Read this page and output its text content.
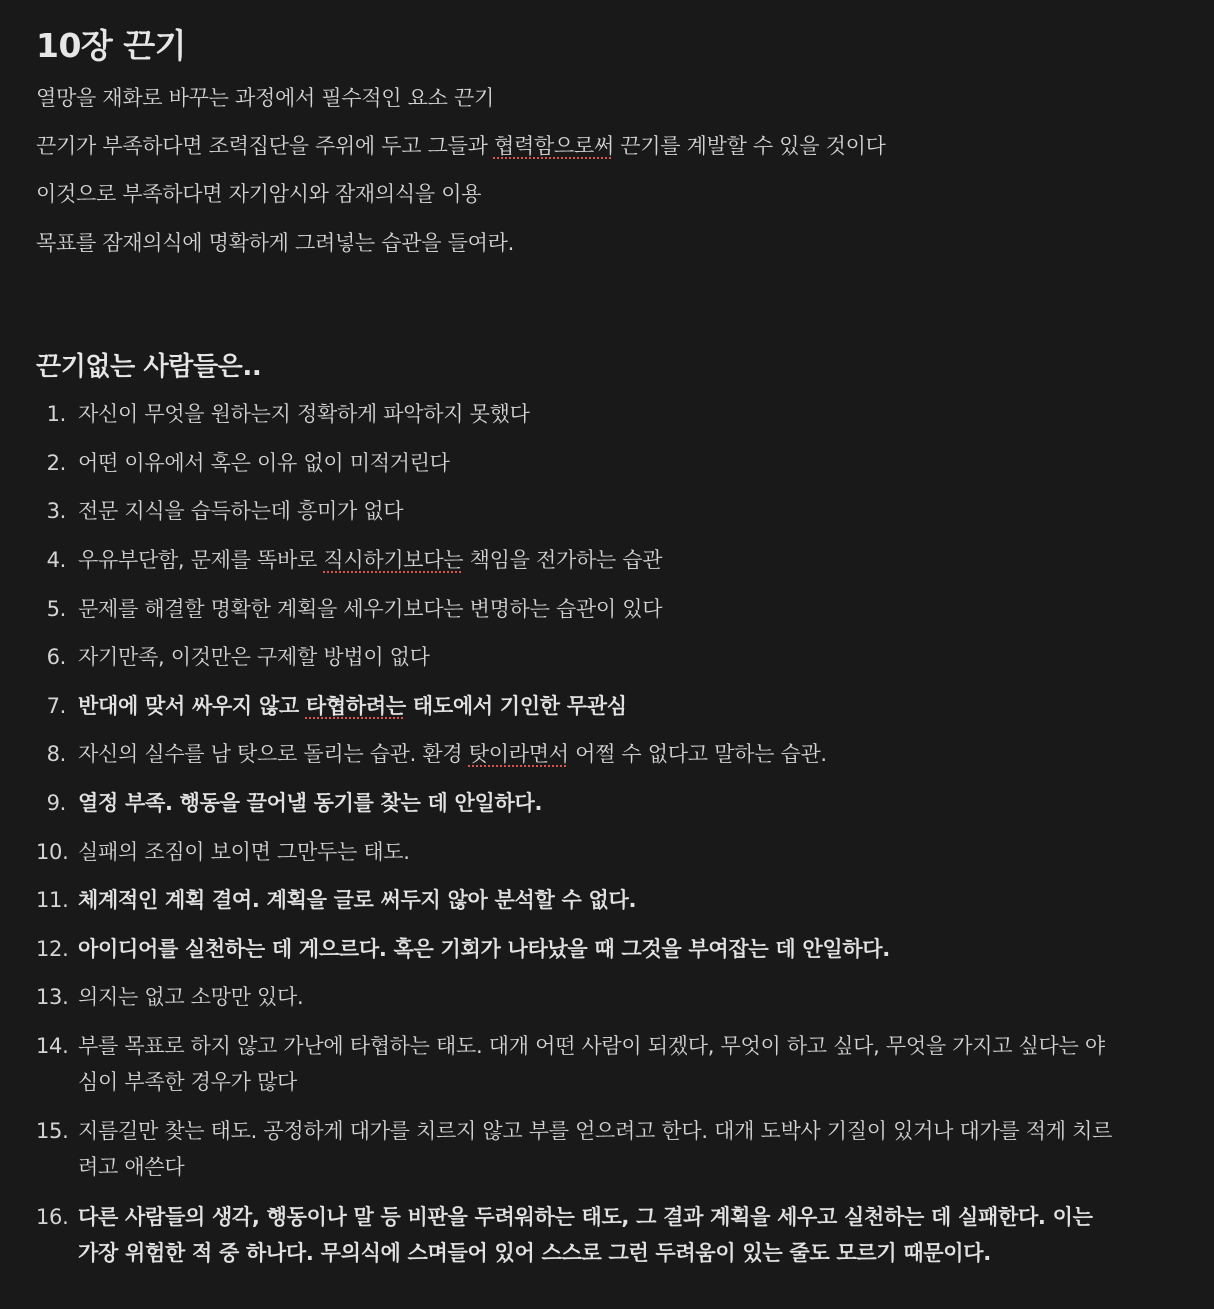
10장 끈기
열망을 재화로 바꾸는 과정에서 필수적인 요소 끈기
끈기가 부족하다면 조력집단을 주위에 두고 그들과 협력함으로써 끈기를 계발할 수 있을 것이다
이것으로 부족하다면 자기암시와 잠재의식을 이용
목표를 잠재의식에 명확하게 그려넣는 습관을 들여라.
끈기없는 사람들은..
1. 자신이 무엇을 원하는지 정확하게 파악하지 못했다
2. 어떤 이유에서 혹은 이유 없이 미적거린다
3. 전문 지식을 습득하는데 흥미가 없다
4. 우유부단함, 문제를 똑바로 직시하기보다는 책임을 전가하는 습관
5. 문제를 해결할 명확한 계획을 세우기보다는 변명하는 습관이 있다
6. 자기만족, 이것만은 구제할 방법이 없다
7. 반대에 맞서 싸우지 않고 타협하려는 태도에서 기인한 무관심
8. 자신의 실수를 남 탓으로 돌리는 습관. 환경 탓이라면서 어쩔 수 없다고 말하는 습관.
9. 열정 부족. 행동을 끌어낼 동기를 찾는 데 안일하다.
10. 실패의 조짐이 보이면 그만두는 태도.
11. 체계적인 계획 결여. 계획을 글로 써두지 않아 분석할 수 없다.
12. 아이디어를 실천하는 데 게으르다. 혹은 기회가 나타났을 때 그것을 부여잡는 데 안일하다.
13. 의지는 없고 소망만 있다.
14. 부를 목표로 하지 않고 가난에 타협하는 태도. 대개 어떤 사람이 되겠다, 무엇이 하고 싶다, 무엇을 가지고 싶다는 야심이 부족한 경우가 많다
15. 지름길만 찾는 태도. 공정하게 대가를 치르지 않고 부를 얻으려고 한다. 대개 도박사 기질이 있거나 대가를 적게 치르려고 애쓴다
16. 다른 사람들의 생각, 행동이나 말 등 비판을 두려워하는 태도, 그 결과 계획을 세우고 실천하는 데 실패한다. 이는 가장 위험한 적 중 하나다. 무의식에 스며들어 있어 스스로 그런 두려움이 있는 줄도 모르기 때문이다.
